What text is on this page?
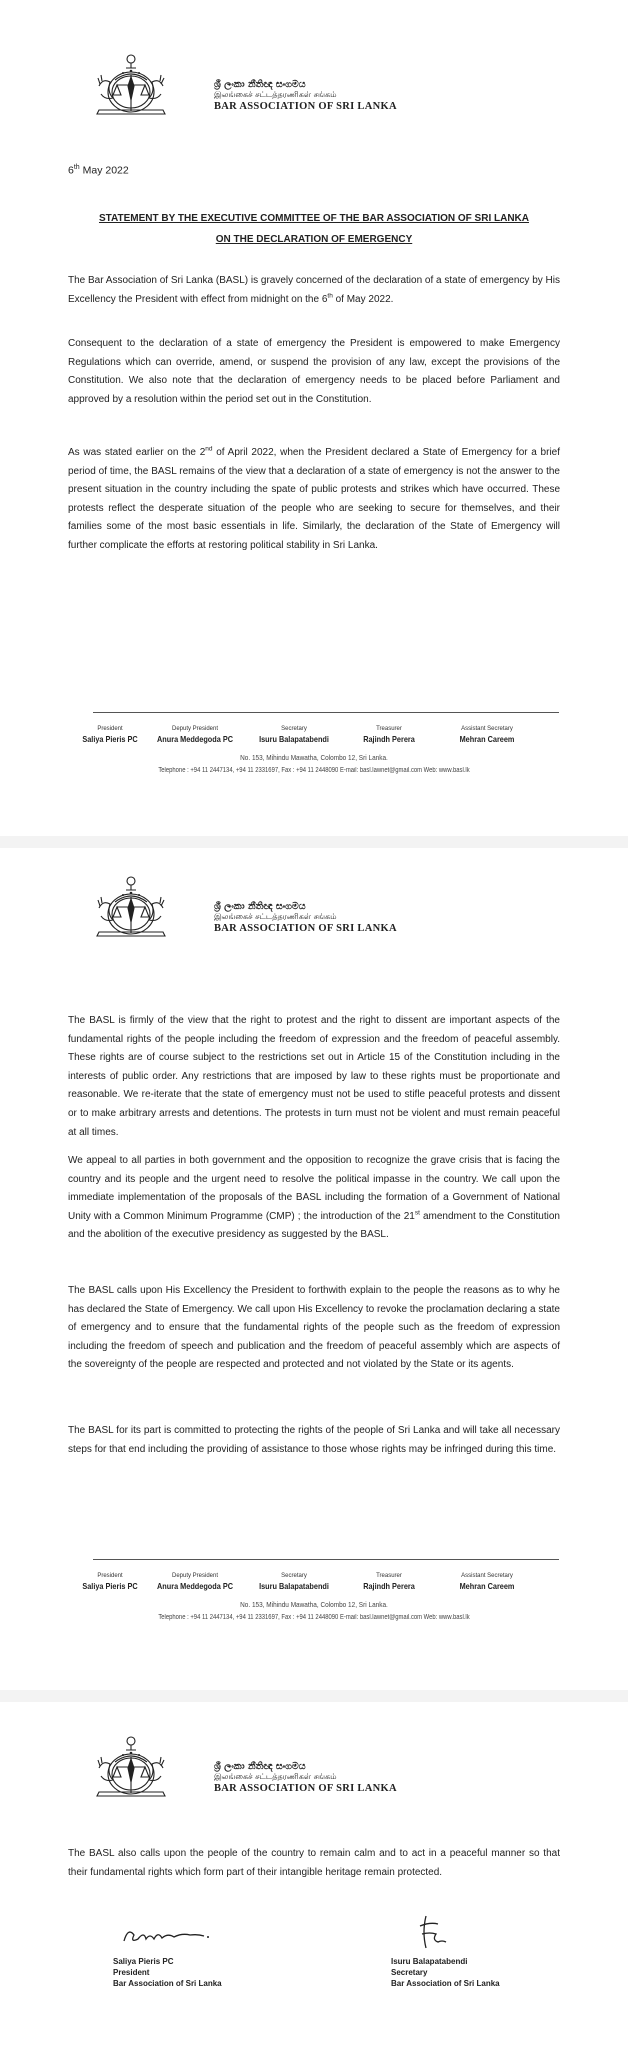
ශ්‍රී ලංකා නීතිඥ සංගමය
இலங்கைச் சட்டத்தரணிகள் சங்கம்
BAR ASSOCIATION OF SRI LANKA
6th May 2022
STATEMENT BY THE EXECUTIVE COMMITTEE OF THE BAR ASSOCIATION OF SRI LANKA
ON THE DECLARATION OF EMERGENCY

The Bar Association of Sri Lanka (BASL) is gravely concerned of the declaration of a state of emergency by His Excellency the President with effect from midnight on the 6th of May 2022.

Consequent to the declaration of a state of emergency the President is empowered to make Emergency Regulations which can override, amend, or suspend the provision of any law, except the provisions of the Constitution. We also note that the declaration of emergency needs to be placed before Parliament and approved by a resolution within the period set out in the Constitution.

As was stated earlier on the 2nd of April 2022, when the President declared a State of Emergency for a brief period of time, the BASL remains of the view that a declaration of a state of emergency is not the answer to the present situation in the country including the spate of public protests and strikes which have occurred. These protests reflect the desperate situation of the people who are seeking to secure for themselves, and their families some of the most basic essentials in life. Similarly, the declaration of the State of Emergency will further complicate the efforts at restoring political stability in Sri Lanka.

President
Saliya Pieris PC
Deputy President
Anura Meddegoda PC
Secretary
Isuru Balapatabendi
Treasurer
Rajindh Perera
Assistant Secretary
Mehran Careem
No. 153, Mihindu Mawatha, Colombo 12, Sri Lanka.
Telephone : +94 11 2447134, +94 11 2331697, Fax : +94 11 2448090 E-mail: basl.lawnet@gmail.com Web: www.basl.lk
ශ්‍රී ලංකා නීතිඥ සංගමය
இலங்கைச் சட்டத்தரணிகள் சங்கம்
BAR ASSOCIATION OF SRI LANKA

The BASL is firmly of the view that the right to protest and the right to dissent are important aspects of the fundamental rights of the people including the freedom of expression and the freedom of peaceful assembly. These rights are of course subject to the restrictions set out in Article 15 of the Constitution including in the interests of public order. Any restrictions that are imposed by law to these rights must be proportionate and reasonable. We re-iterate that the state of emergency must not be used to stifle peaceful protests and dissent or to make arbitrary arrests and detentions. The protests in turn must not be violent and must remain peaceful at all times.

We appeal to all parties in both government and the opposition to recognize the grave crisis that is facing the country and its people and the urgent need to resolve the political impasse in the country. We call upon the immediate implementation of the proposals of the BASL including the formation of a Government of National Unity with a Common Minimum Programme (CMP) ; the introduction of the 21st amendment to the Constitution and the abolition of the executive presidency as suggested by the BASL.

The BASL calls upon His Excellency the President to forthwith explain to the people the reasons as to why he has declared the State of Emergency. We call upon His Excellency to revoke the proclamation declaring a state of emergency and to ensure that the fundamental rights of the people such as the freedom of expression including the freedom of speech and publication and the freedom of peaceful assembly which are aspects of the sovereignty of the people are respected and protected and not violated by the State or its agents.

The BASL for its part is committed to protecting the rights of the people of Sri Lanka and will take all necessary steps for that end including the providing of assistance to those whose rights may be infringed during this time.

President
Saliya Pieris PC
Deputy President
Anura Meddegoda PC
Secretary
Isuru Balapatabendi
Treasurer
Rajindh Perera
Assistant Secretary
Mehran Careem
No. 153, Mihindu Mawatha, Colombo 12, Sri Lanka.
Telephone : +94 11 2447134, +94 11 2331697, Fax : +94 11 2448090 E-mail: basl.lawnet@gmail.com Web: www.basl.lk
ශ්‍රී ලංකා නීතිඥ සංගමය
இலங்கைச் சட்டத்தரணிகள் சங்கம்
BAR ASSOCIATION OF SRI LANKA

The BASL also calls upon the people of the country to remain calm and to act in a peaceful manner so that their fundamental rights which form part of their intangible heritage remain protected.

Saliya Pieris PC
President
Bar Association of Sri Lanka
Isuru Balapatabendi
Secretary
Bar Association of Sri Lanka
